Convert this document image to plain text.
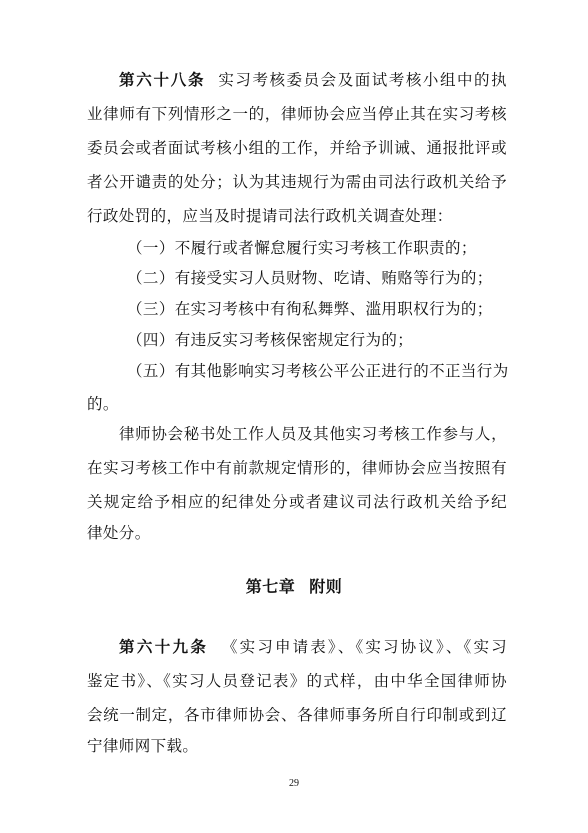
第六十八条 实习考核委员会及面试考核小组中的执
业律师有下列情形之一的，律师协会应当停止其在实习考核
委员会或者面试考核小组的工作，并给予训诫、通报批评或
者公开谴责的处分；认为其违规行为需由司法行政机关给予
行政处罚的，应当及时提请司法行政机关调查处理：
（一）不履行或者懈怠履行实习考核工作职责的；
（二）有接受实习人员财物、吃请、贿赂等行为的；
（三）在实习考核中有徇私舞弊、滥用职权行为的；
（四）有违反实习考核保密规定行为的；
（五）有其他影响实习考核公平公正进行的不正当行为
的。
律师协会秘书处工作人员及其他实习考核工作参与人，
在实习考核工作中有前款规定情形的，律师协会应当按照有
关规定给予相应的纪律处分或者建议司法行政机关给予纪
律处分。
第七章 附则
第六十九条 《实习申请表》、《实习协议》、《实习
鉴定书》、《实习人员登记表》的式样，由中华全国律师协
会统一制定，各市律师协会、各律师事务所自行印制或到辽
宁律师网下载。
29
